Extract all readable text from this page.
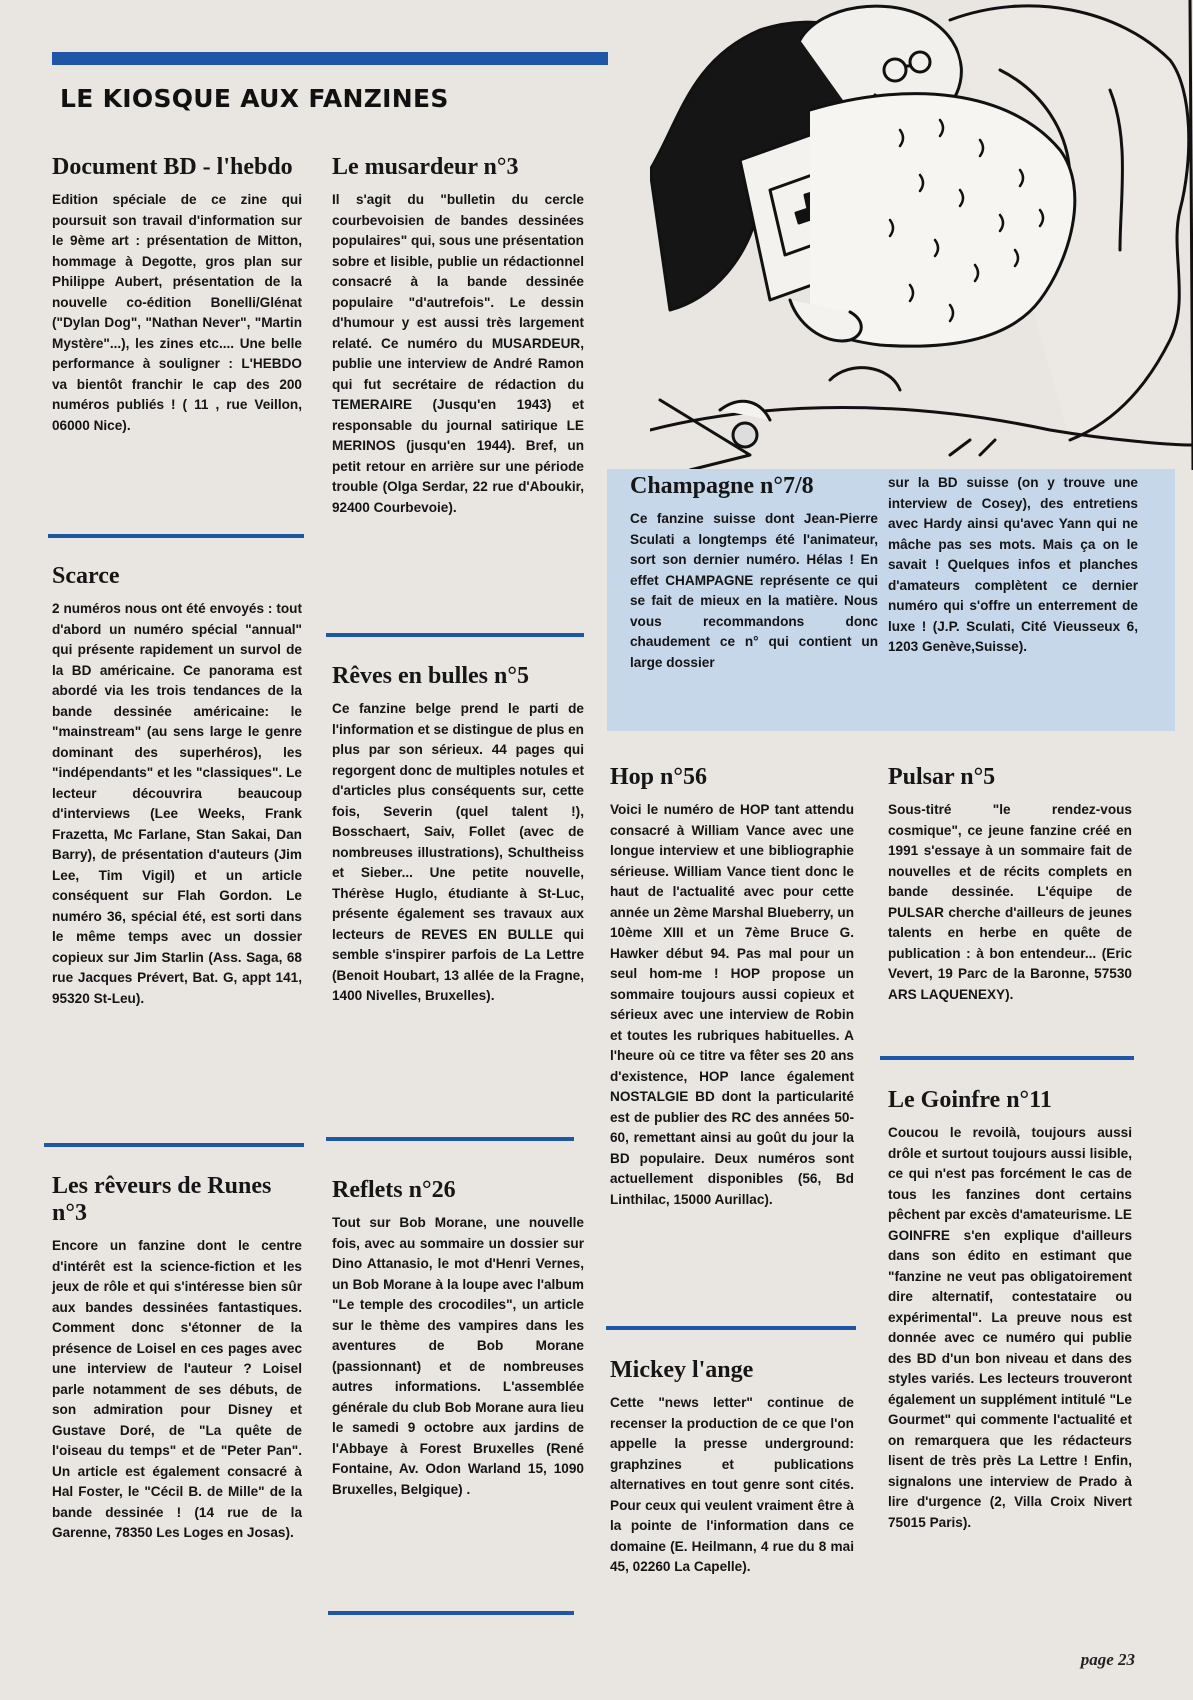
LE KIOSQUE AUX FANZINES
Document BD - l'hebdo

Edition spéciale de ce zine qui poursuit son travail d'information sur le 9ème art : présentation de Mitton, hommage à Degotte, gros plan sur Philippe Aubert, présentation de la nouvelle co-édition Bonelli/Glénat ("Dylan Dog", "Nathan Never", "Martin Mystère"...), les zines etc.... Une belle performance à souligner : L'HEBDO va bientôt franchir le cap des 200 numéros publiés ! ( 11 , rue Veillon, 06000 Nice).

Scarce

2 numéros nous ont été envoyés : tout d'abord un numéro spécial "annual" qui présente rapidement un survol de la BD américaine. Ce panorama est abordé via les trois tendances de la bande dessinée américaine: le "mainstream" (au sens large le genre dominant des superhéros), les "indépendants" et les "classiques". Le lecteur découvrira beaucoup d'interviews (Lee Weeks, Frank Frazetta, Mc Farlane, Stan Sakai, Dan Barry), de présentation d'auteurs (Jim Lee, Tim Vigil) et un article conséquent sur Flah Gordon. Le numéro 36, spécial été, est sorti dans le même temps avec un dossier copieux sur Jim Starlin (Ass. Saga, 68 rue Jacques Prévert, Bat. G, appt 141, 95320 St-Leu).

Les rêveurs de Runes n°3

Encore un fanzine dont le centre d'intérêt est la science-fiction et les jeux de rôle et qui s'intéresse bien sûr aux bandes dessinées fantastiques. Comment donc s'étonner de la présence de Loisel en ces pages avec une interview de l'auteur ? Loisel parle notamment de ses débuts, de son admiration pour Disney et Gustave Doré, de "La quête de l'oiseau du temps" et de "Peter Pan". Un article est également consacré à Hal Foster, le "Cécil B. de Mille" de la bande dessinée ! (14 rue de la Garenne, 78350 Les Loges en Josas).

Le musardeur n°3

Il s'agit du "bulletin du cercle courbevoisien de bandes dessinées populaires" qui, sous une présentation sobre et lisible, publie un rédactionnel consacré à la bande dessinée populaire "d'autrefois". Le dessin d'humour y est aussi très largement relaté. Ce numéro du MUSARDEUR, publie une interview de André Ramon qui fut secrétaire de rédaction du TEMERAIRE (Jusqu'en 1943) et responsable du journal satirique LE MERINOS (jusqu'en 1944). Bref, un petit retour en arrière sur une période trouble (Olga Serdar, 22 rue d'Aboukir, 92400 Courbevoie).

Rêves en bulles n°5

Ce fanzine belge prend le parti de l'information et se distingue de plus en plus par son sérieux. 44 pages qui regorgent donc de multiples notules et d'articles plus conséquents sur, cette fois, Severin (quel talent !), Bosschaert, Saiv, Follet (avec de nombreuses illustrations), Schultheiss et Sieber... Une petite nouvelle, Thérèse Huglo, étudiante à St-Luc, présente également ses travaux aux lecteurs de REVES EN BULLE qui semble s'inspirer parfois de La Lettre (Benoit Houbart, 13 allée de la Fragne, 1400 Nivelles, Bruxelles).

Reflets n°26

Tout sur Bob Morane, une nouvelle fois, avec au sommaire un dossier sur Dino Attanasio, le mot d'Henri Vernes, un Bob Morane à la loupe avec l'album "Le temple des crocodiles", un article sur le thème des vampires dans les aventures de Bob Morane (passionnant) et de nombreuses autres informations. L'assemblée générale du club Bob Morane aura lieu le samedi 9 octobre aux jardins de l'Abbaye à Forest Bruxelles (René Fontaine, Av. Odon Warland 15, 1090 Bruxelles, Belgique) .

Champagne n°7/8

Ce fanzine suisse dont Jean-Pierre Sculati a longtemps été l'animateur, sort son dernier numéro. Hélas ! En effet CHAMPAGNE représente ce qui se fait de mieux en la matière. Nous vous recommandons donc chaudement ce n° qui contient un large dossier

sur la BD suisse (on y trouve une interview de Cosey), des entretiens avec Hardy ainsi qu'avec Yann qui ne mâche pas ses mots. Mais ça on le savait ! Quelques infos et planches d'amateurs complètent ce dernier numéro qui s'offre un enterrement de luxe ! (J.P. Sculati, Cité Vieusseux 6, 1203 Genève,Suisse).

Hop n°56

Voici le numéro de HOP tant attendu consacré à William Vance avec une longue interview et une bibliographie sérieuse. William Vance tient donc le haut de l'actualité avec pour cette année un 2ème Marshal Blueberry, un 10ème XIII et un 7ème Bruce G. Hawker début 94. Pas mal pour un seul hom-me ! HOP propose un sommaire toujours aussi copieux et sérieux avec une interview de Robin et toutes les rubriques habituelles. A l'heure où ce titre va fêter ses 20 ans d'existence, HOP lance également NOSTALGIE BD dont la particularité est de publier des RC des années 50-60, remettant ainsi au goût du jour la BD populaire. Deux numéros sont actuellement disponibles (56, Bd Linthilac, 15000 Aurillac).

Mickey l'ange

Cette "news letter" continue de recenser la production de ce que l'on appelle la presse underground: graphzines et publications alternatives en tout genre sont cités. Pour ceux qui veulent vraiment être à la pointe de l'information dans ce domaine (E. Heilmann, 4 rue du 8 mai 45, 02260 La Capelle).

Pulsar n°5

Sous-titré "le rendez-vous cosmique", ce jeune fanzine créé en 1991 s'essaye à un sommaire fait de nouvelles et de récits complets en bande dessinée. L'équipe de PULSAR cherche d'ailleurs de jeunes talents en herbe en quête de publication : à bon entendeur... (Eric Vevert, 19 Parc de la Baronne, 57530 ARS LAQUENEXY).

Le Goinfre n°11

Coucou le revoilà, toujours aussi drôle et surtout toujours aussi lisible, ce qui n'est pas forcément le cas de tous les fanzines dont certains pêchent par excès d'amateurisme. LE GOINFRE s'en explique d'ailleurs dans son édito en estimant que "fanzine ne veut pas obligatoirement dire alternatif, contestataire ou expérimental". La preuve nous est donnée avec ce numéro qui publie des BD d'un bon niveau et dans des styles variés. Les lecteurs trouveront également un supplément intitulé "Le Gourmet" qui commente l'actualité et on remarquera que les rédacteurs lisent de très près La Lettre ! Enfin, signalons une interview de Prado à lire d'urgence (2, Villa Croix Nivert 75015 Paris).

page 23
